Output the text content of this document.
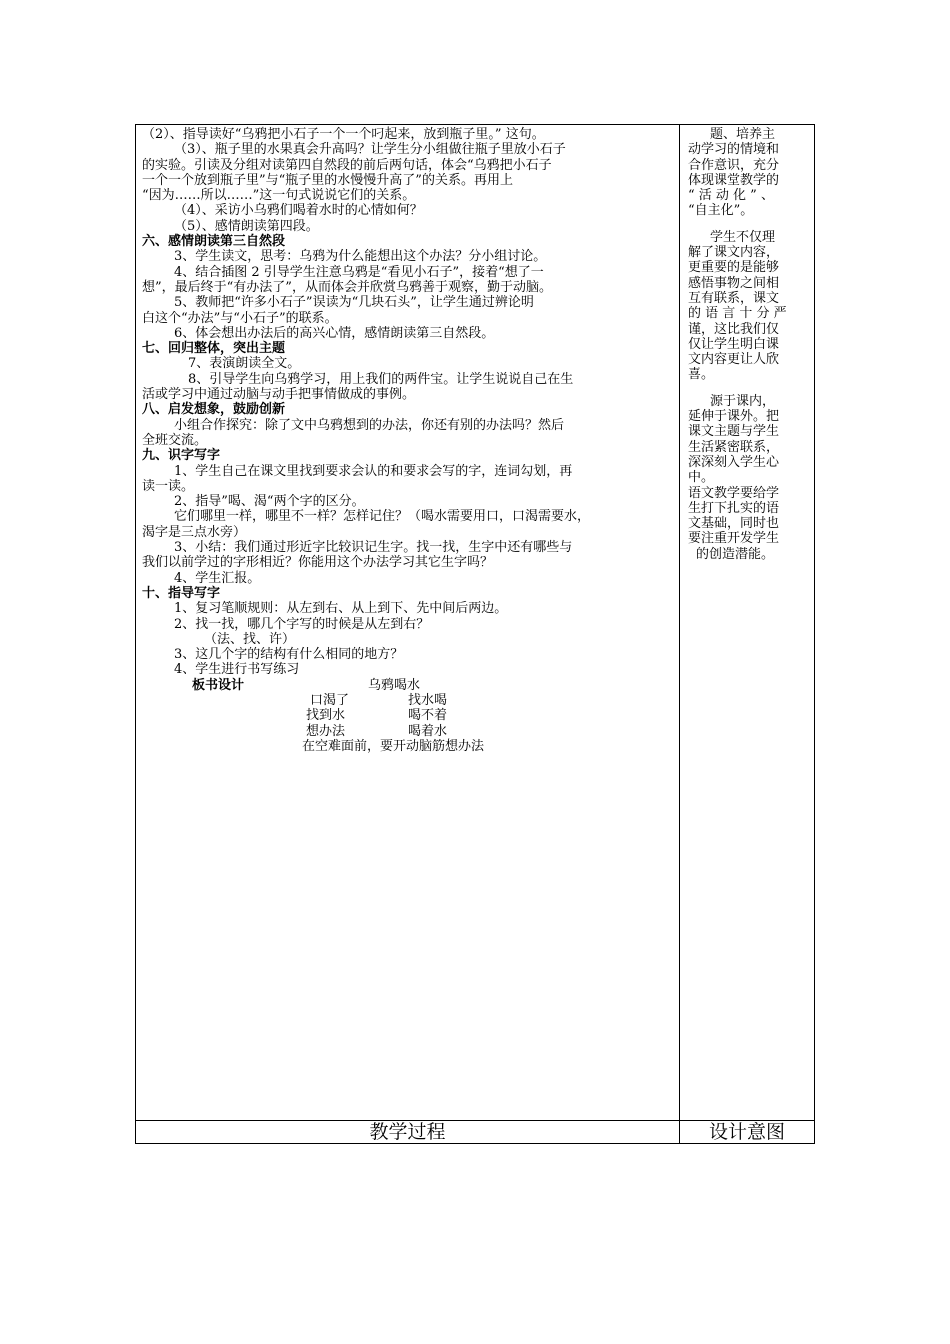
（2）、指导读好“乌鸦把小石子一个一个叼起来，放到瓶子里。” 这句。
（3）、瓶子里的水果真会升高吗？让学生分小组做往瓶子里放小石子
的实验。引读及分组对读第四自然段的前后两句话，体会“乌鸦把小石子
一个一个放到瓶子里”与“瓶子里的水慢慢升高了”的关系。再用上
“因为……所以……”这一句式说说它们的关系。
（4）、采访小乌鸦们喝着水时的心情如何？
（5）、感情朗读第四段。
六、感情朗读第三自然段
3、学生读文，思考：乌鸦为什么能想出这个办法？分小组讨论。
4、结合插图 2 引导学生注意乌鸦是“看见小石子”，接着“想了一
想”，最后终于“有办法了”，从而体会并欣赏乌鸦善于观察，勤于动脑。
5、教师把“许多小石子”误读为“几块石头”，让学生通过辨论明
白这个“办法”与“小石子”的联系。
6、体会想出办法后的高兴心情，感情朗读第三自然段。
七、回归整体，突出主题
7、表演朗读全文。
8、引导学生向乌鸦学习，用上我们的两件宝。让学生说说自己在生
活或学习中通过动脑与动手把事情做成的事例。
八、启发想象，鼓励创新
小组合作探究：除了文中乌鸦想到的办法，你还有别的办法吗？然后
全班交流。
九、识字写字
1、学生自己在课文里找到要求会认的和要求会写的字，连词勾划，再
读一读。
2、指导”喝、渴“两个字的区分。
它们哪里一样，哪里不一样？怎样记住？（喝水需要用口，口渴需要水，
渴字是三点水旁）
3、小结：我们通过形近字比较识记生字。找一找，生字中还有哪些与
我们以前学过的字形相近？你能用这个办法学习其它生字吗？
4、学生汇报。
十、指导写字
1、复习笔顺规则：从左到右、从上到下、先中间后两边。
2、找一找，哪几个字写的时候是从左到右？
（法、找、许）
3、这几个字的结构有什么相同的地方？
4、学生进行书写练习
板书设计	乌鸦喝水
口渴了	找水喝
找到水	喝不着
想办法	喝着水
在空难面前，要开动脑筋想办法
题、培养主
动学习的情境和
合作意识，充分
体现课堂教学的
“ 活 动 化 ” 、
“自主化”。
学生不仅理
解了课文内容，
更重要的是能够
感悟事物之间相
互有联系，课文
的 语 言 十 分 严
谨，这比我们仅
仅让学生明白课
文内容更让人欣
喜。
源于课内，
延伸于课外。把
课文主题与学生
生活紧密联系，
深深刻入学生心
中。
语文教学要给学
生打下扎实的语
文基础，同时也
要注重开发学生
的创造潜能。
教学过程	设计意图
